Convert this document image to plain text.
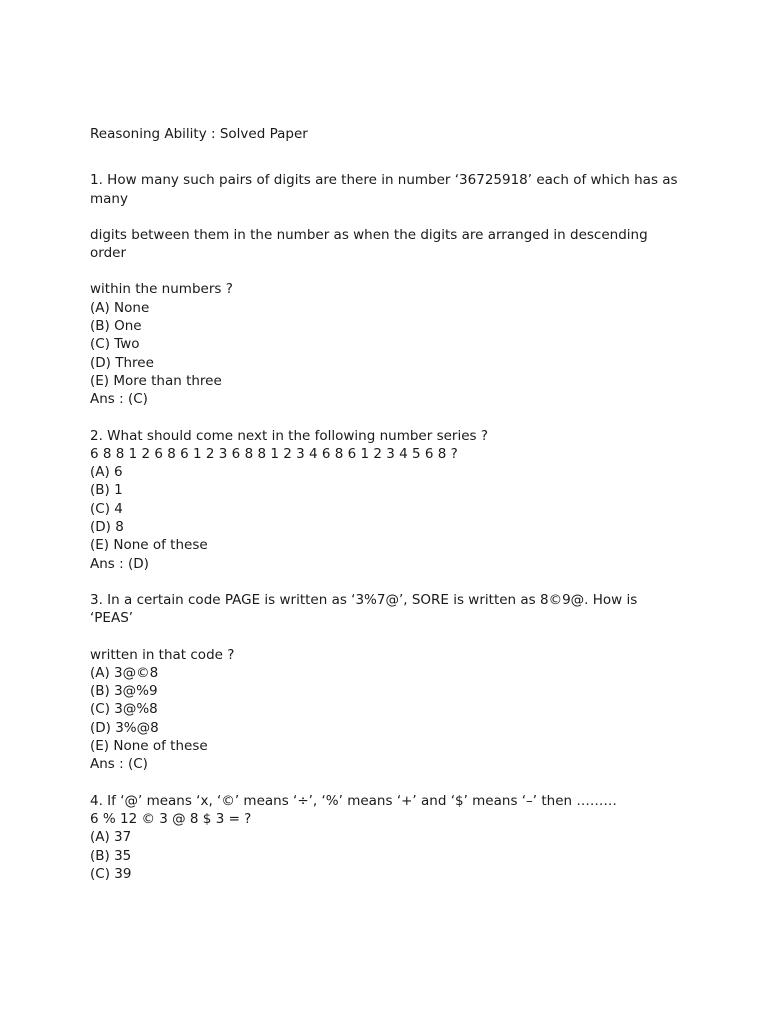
Reasoning Ability : Solved Paper

1. How many such pairs of digits are there in number ‘36725918’ each of which has as many

digits between them in the number as when the digits are arranged in descending order

within the numbers ?

(A) None

(B) One

(C) Two

(D) Three

(E) More than three

Ans : (C)

2. What should come next in the following number series ?

6 8 8 1 2 6 8 6 1 2 3 6 8 8 1 2 3 4 6 8 6 1 2 3 4 5 6 8 ?

(A) 6

(B) 1

(C) 4

(D) 8

(E) None of these

Ans : (D)

3. In a certain code PAGE is written as ‘3%7@’, SORE is written as 8©9@. How is ‘PEAS’

written in that code ?

(A) 3@©8

(B) 3@%9

(C) 3@%8

(D) 3%@8

(E) None of these

Ans : (C)

4. If ‘@’ means ‘x, ‘©’ means ‘÷’, ‘%’ means ‘+’ and ‘$’ means ‘–’ then ………

6 % 12 © 3 @ 8 $ 3 = ?

(A) 37

(B) 35

(C) 39
